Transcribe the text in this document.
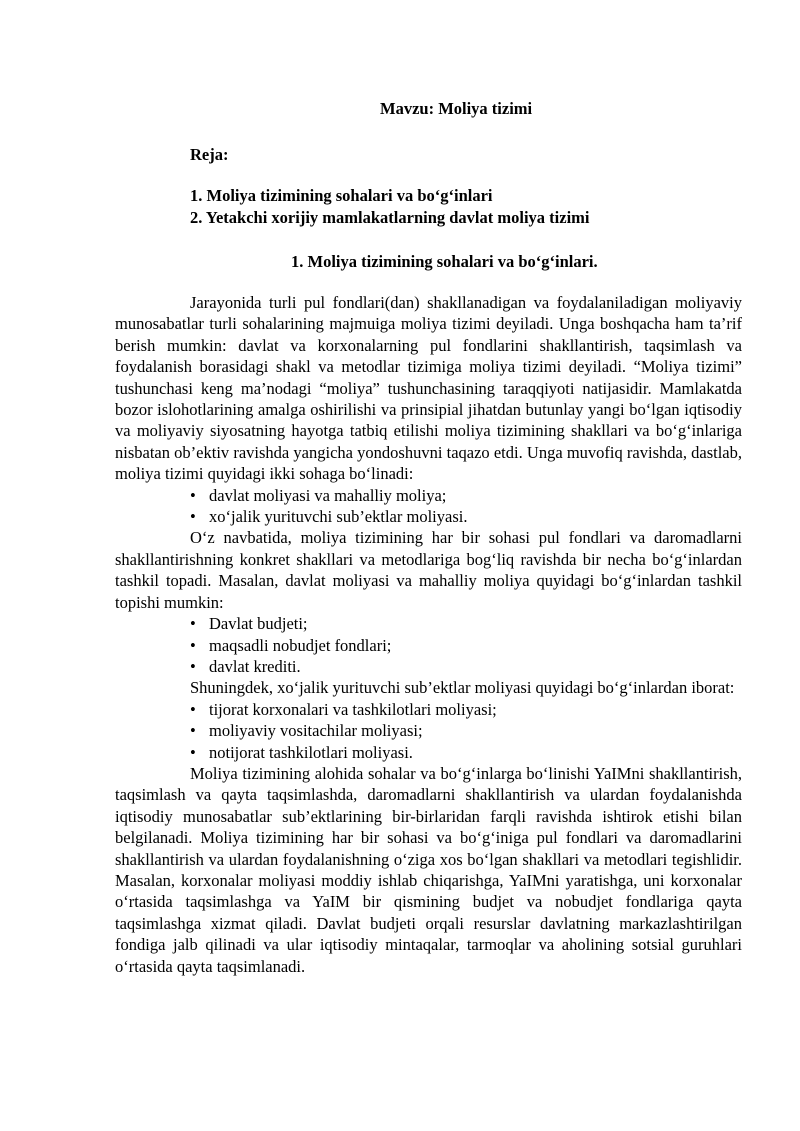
Mavzu: Moliya tizimi
Reja:
1. Moliya tizimining sohalari va bo‘g‘inlari
2. Yetakchi xorijiy mamlakatlarning davlat moliya tizimi
1. Moliya tizimining sohalari va bo‘g‘inlari.

Jarayonida turli pul fondlari(dan) shakllanadigan va foydalaniladigan moliyaviy munosabatlar turli sohalarining majmuiga moliya tizimi deyiladi. Unga boshqacha ham ta’rif berish mumkin: davlat va korxonalarning pul fondlarini shakllantirish, taqsimlash va foydalanish borasidagi shakl va metodlar tizimiga moliya tizimi deyiladi. “Moliya tizimi” tushunchasi keng ma’nodagi “moliya” tushunchasining taraqqiyoti natijasidir. Mamlakatda bozor islohotlarining amalga oshirilishi va prinsipial jihatdan butunlay yangi bo‘lgan iqtisodiy va moliyaviy siyosatning hayotga tatbiq etilishi moliya tizimining shakllari va bo‘g‘inlariga nisbatan ob’ektiv ravishda yangicha yondoshuvni taqazo etdi. Unga muvofiq ravishda, dastlab, moliya tizimi quyidagi ikki sohaga bo‘linadi:

• davlat moliyasi va mahalliy moliya;
• xo‘jalik yurituvchi sub’ektlar moliyasi.

O‘z navbatida, moliya tizimining har bir sohasi pul fondlari va daromadlarni shakllantirishning konkret shakllari va metodlariga bog‘liq ravishda bir necha bo‘g‘inlardan tashkil topadi. Masalan, davlat moliyasi va mahalliy moliya quyidagi bo‘g‘inlardan tashkil topishi mumkin:

• Davlat budjeti;
• maqsadli nobudjet fondlari;
• davlat krediti.

Shuningdek, xo‘jalik yurituvchi sub’ektlar moliyasi quyidagi bo‘g‘inlardan iborat:

• tijorat korxonalari va tashkilotlari moliyasi;
• moliyaviy vositachilar moliyasi;
• notijorat tashkilotlari moliyasi.

Moliya tizimining alohida sohalar va bo‘g‘inlarga bo‘linishi YaIMni shakllantirish, taqsimlash va qayta taqsimlashda, daromadlarni shakllantirish va ulardan foydalanishda iqtisodiy munosabatlar sub’ektlarining bir-birlaridan farqli ravishda ishtirok etishi bilan belgilanadi. Moliya tizimining har bir sohasi va bo‘g‘iniga pul fondlari va daromadlarini shakllantirish va ulardan foydalanishning o‘ziga xos bo‘lgan shakllari va metodlari tegishlidir. Masalan, korxonalar moliyasi moddiy ishlab chiqarishga, YaIMni yaratishga, uni korxonalar o‘rtasida taqsimlashga va YaIM bir qismining budjet va nobudjet fondlariga qayta taqsimlashga xizmat qiladi. Davlat budjeti orqali resurslar davlatning markazlashtirilgan fondiga jalb qilinadi va ular iqtisodiy mintaqalar, tarmoqlar va aholining sotsial guruhlari o‘rtasida qayta taqsimlanadi.
